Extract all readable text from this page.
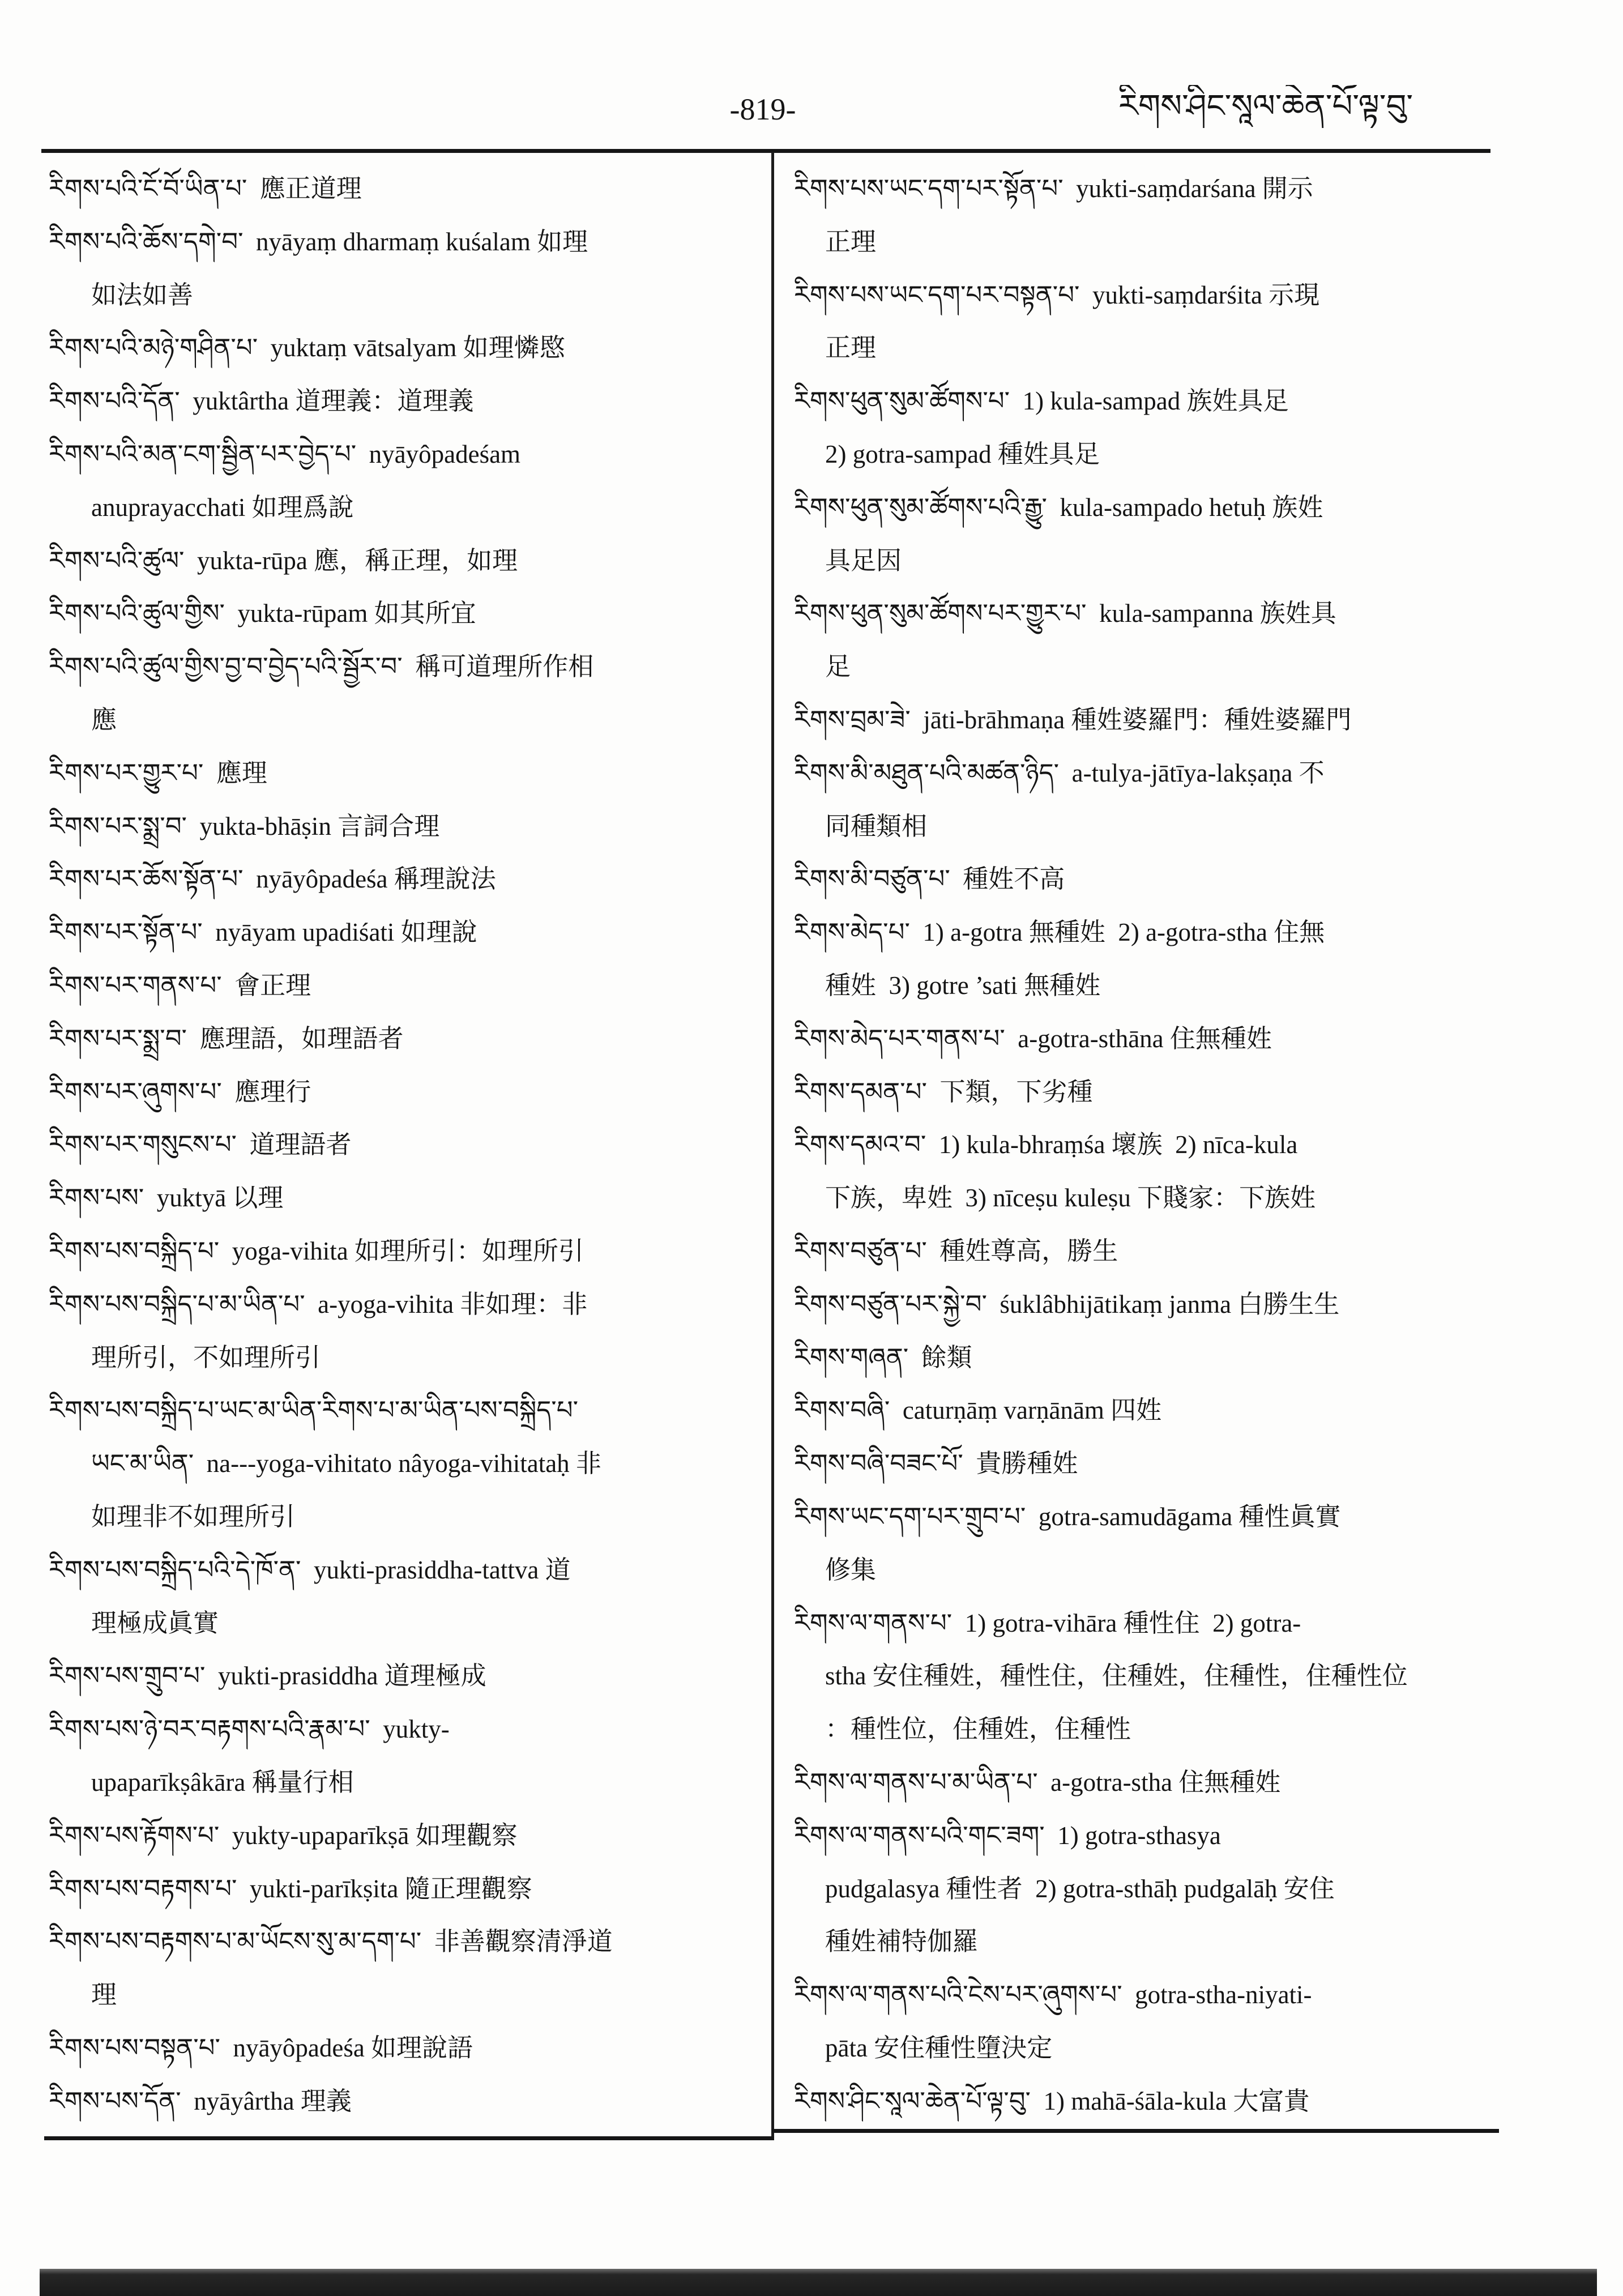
-819-	རིགས་ཤིང་སཱལ་ཆེན་པོ་ལྟ་བུ་
རིགས་པའི་ངོ་བོ་ཡིན་པ་  應正道理
རིགས་པའི་ཆོས་དགེ་བ་  nyāyaṃ dharmaṃ kuśalam 如理
如法如善
རིགས་པའི་མཉེ་གཤིན་པ་  yuktaṃ vātsalyam 如理憐愍
རིགས་པའི་དོན་  yuktârtha 道理義：道理義
རིགས་པའི་མན་ངག་སྦྱིན་པར་བྱེད་པ་  nyāyôpadeśam
anuprayacchati 如理爲說
རིགས་པའི་ཚུལ་  yukta-rūpa 應，稱正理，如理
རིགས་པའི་ཚུལ་གྱིས་  yukta-rūpam 如其所宜
རིགས་པའི་ཚུལ་གྱིས་བྱ་བ་བྱེད་པའི་སྦྱོར་བ་  稱可道理所作相
應
རིགས་པར་གྱུར་པ་  應理
རིགས་པར་སྨྲ་བ་  yukta-bhāṣin 言詞合理
རིགས་པར་ཆོས་སྟོན་པ་  nyāyôpadeśa 稱理說法
རིགས་པར་སྟོན་པ་  nyāyam upadiśati 如理說
རིགས་པར་གནས་པ་  會正理
རིགས་པར་སྨྲ་བ་  應理語，如理語者
རིགས་པར་ཞུགས་པ་  應理行
རིགས་པར་གསུངས་པ་  道理語者
རིགས་པས་  yuktyā 以理
རིགས་པས་བསྐྲིད་པ་  yoga-vihita 如理所引：如理所引
རིགས་པས་བསྐྲིད་པ་མ་ཡིན་པ་  a-yoga-vihita 非如理：非
理所引，不如理所引
རིགས་པས་བསྐྲིད་པ་ཡང་མ་ཡིན་རིགས་པ་མ་ཡིན་པས་བསྐྲིད་པ་
ཡང་མ་ཡིན་  na---yoga-vihitato nâyoga-vihitataḥ 非
如理非不如理所引
རིགས་པས་བསྐྲིད་པའི་དེ་ཁོ་ན་  yukti-prasiddha-tattva 道
理極成眞實
རིགས་པས་གྲུབ་པ་  yukti-prasiddha 道理極成
རིགས་པས་ཉེ་བར་བརྟགས་པའི་རྣམ་པ་  yukty-
upaparīkṣâkāra 稱量行相
རིགས་པས་རྟོགས་པ་  yukty-upaparīkṣā 如理觀察
རིགས་པས་བརྟགས་པ་  yukti-parīkṣita 隨正理觀察
རིགས་པས་བརྟགས་པ་མ་ཡོངས་སུ་མ་དག་པ་  非善觀察清淨道
理
རིགས་པས་བསྟན་པ་  nyāyôpadeśa 如理說語
རིགས་པས་དོན་  nyāyârtha 理義
རིགས་པས་ཡང་དག་པར་སྟོན་པ་  yukti-saṃdarśana 開示
正理
རིགས་པས་ཡང་དག་པར་བསྟན་པ་  yukti-saṃdarśita 示現
正理
རིགས་ཕུན་སུམ་ཚོགས་པ་  1) kula-sampad 族姓具足
2) gotra-sampad 種姓具足
རིགས་ཕུན་སུམ་ཚོགས་པའི་རྒྱུ་  kula-sampado hetuḥ 族姓
具足因
རིགས་ཕུན་སུམ་ཚོགས་པར་གྱུར་པ་  kula-sampanna 族姓具
足
རིགས་བྲམ་ཟེ་  jāti-brāhmaṇa 種姓婆羅門：種姓婆羅門
རིགས་མི་མཐུན་པའི་མཚན་ཉིད་  a-tulya-jātīya-lakṣaṇa 不
同種類相
རིགས་མི་བཙུན་པ་  種姓不高
རིགས་མེད་པ་  1) a-gotra 無種姓  2) a-gotra-stha 住無
種姓  3) gotre ’sati 無種姓
རིགས་མེད་པར་གནས་པ་  a-gotra-sthāna 住無種姓
རིགས་དམན་པ་  下類，下劣種
རིགས་དམའ་བ་  1) kula-bhraṃśa 壞族  2) nīca-kula
下族，卑姓  3) nīceṣu kuleṣu 下賤家：下族姓
རིགས་བཙུན་པ་  種姓尊高，勝生
རིགས་བཙུན་པར་སྐྱེ་བ་  śuklâbhijātikaṃ janma 白勝生生
རིགས་གཞན་  餘類
རིགས་བཞི་  caturṇāṃ varṇānām 四姓
རིགས་བཞི་བཟང་པོ་  貴勝種姓
རིགས་ཡང་དག་པར་གྲུབ་པ་  gotra-samudāgama 種性眞實
修集
རིགས་ལ་གནས་པ་  1) gotra-vihāra 種性住  2) gotra-
stha 安住種姓，種性住，住種姓，住種性，住種性位
：種性位，住種姓，住種性
རིགས་ལ་གནས་པ་མ་ཡིན་པ་  a-gotra-stha 住無種姓
རིགས་ལ་གནས་པའི་གང་ཟག་  1) gotra-sthasya
pudgalasya 種性者  2) gotra-sthāḥ pudgalāḥ 安住
種姓補特伽羅
རིགས་ལ་གནས་པའི་ངེས་པར་ཞུགས་པ་  gotra-stha-niyati-
pāta 安住種性墮決定
རིགས་ཤིང་སཱལ་ཆེན་པོ་ལྟ་བུ་  1) mahā-śāla-kula 大富貴
